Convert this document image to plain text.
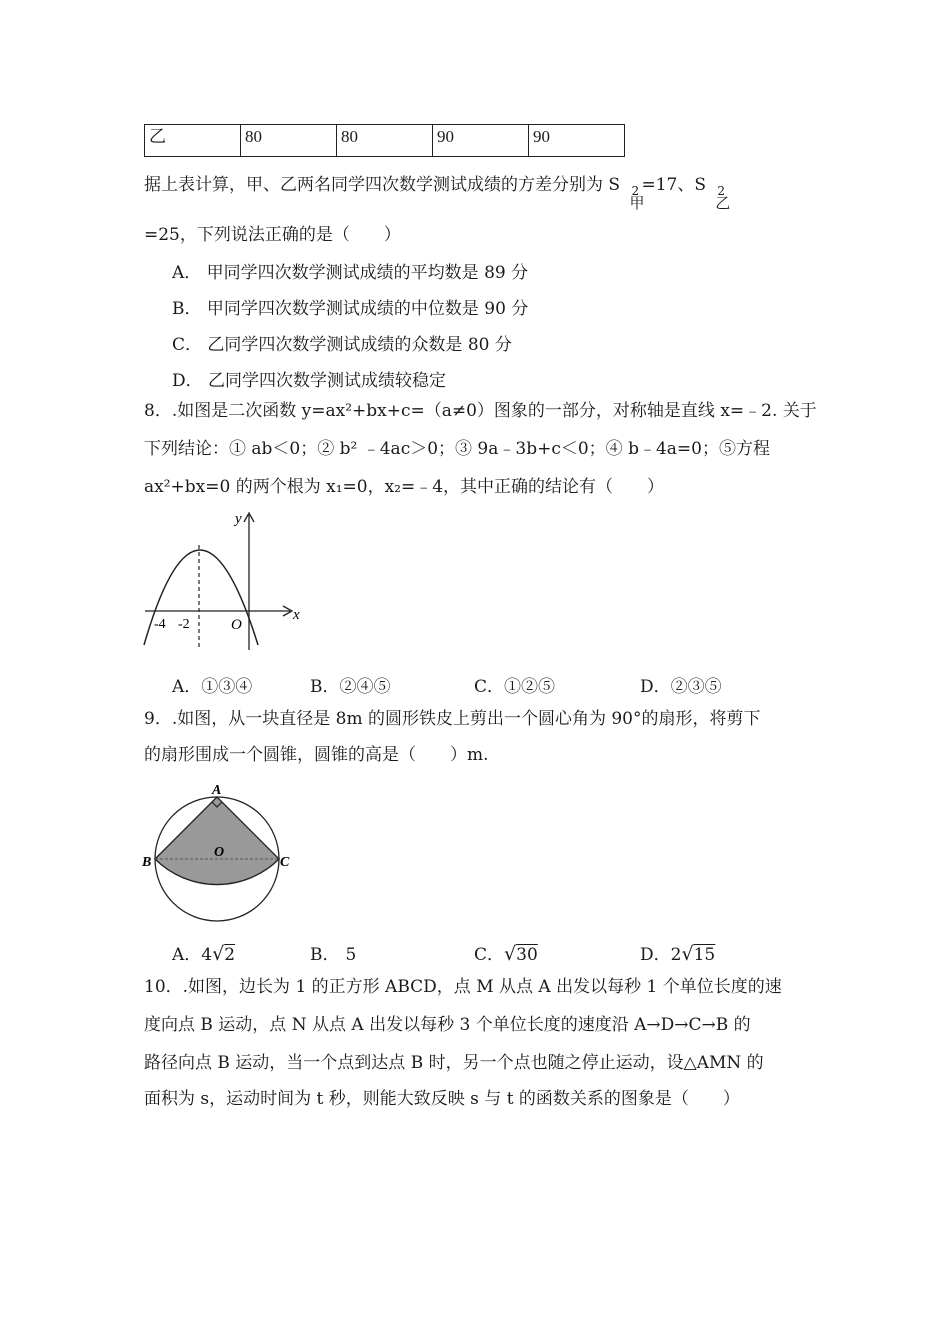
乙	80	80	90	90
据上表计算，甲、乙两名同学四次数学测试成绩的方差分别为 S 2
甲
=17、S 2
乙
=25，下列说法正确的是（　　）
A． 甲同学四次数学测试成绩的平均数是 89 分
B． 甲同学四次数学测试成绩的中位数是 90 分
C． 乙同学四次数学测试成绩的众数是 80 分
D． 乙同学四次数学测试成绩较稳定
8．.如图是二次函数 y=ax²+bx+c=（a≠0）图象的一部分，对称轴是直线 x=﹣2. 关于
下列结论：① ab＜0；② b² ﹣4ac＞0；③ 9a﹣3b+c＜0；④ b﹣4a=0；⑤方程
ax²+bx=0 的两个根为 x₁=0，x₂=﹣4，其中正确的结论有（　　）
y
x
O
-4 -2
A．①③④	B．②④⑤	C．①②⑤	D．②③⑤
9．.如图，从一块直径是 8m 的圆形铁皮上剪出一个圆心角为 90°的扇形，将剪下
的扇形围成一个圆锥，圆锥的高是（　　）m.
A
B	C
O
A．4√2	B． 5	C．√30	D．2√15
10．.如图，边长为 1 的正方形 ABCD，点 M 从点 A 出发以每秒 1 个单位长度的速
度向点 B 运动，点 N 从点 A 出发以每秒 3 个单位长度的速度沿 A→D→C→B 的
路径向点 B 运动，当一个点到达点 B 时，另一个点也随之停止运动，设△AMN 的
面积为 s，运动时间为 t 秒，则能大致反映 s 与 t 的函数关系的图象是（　　）
